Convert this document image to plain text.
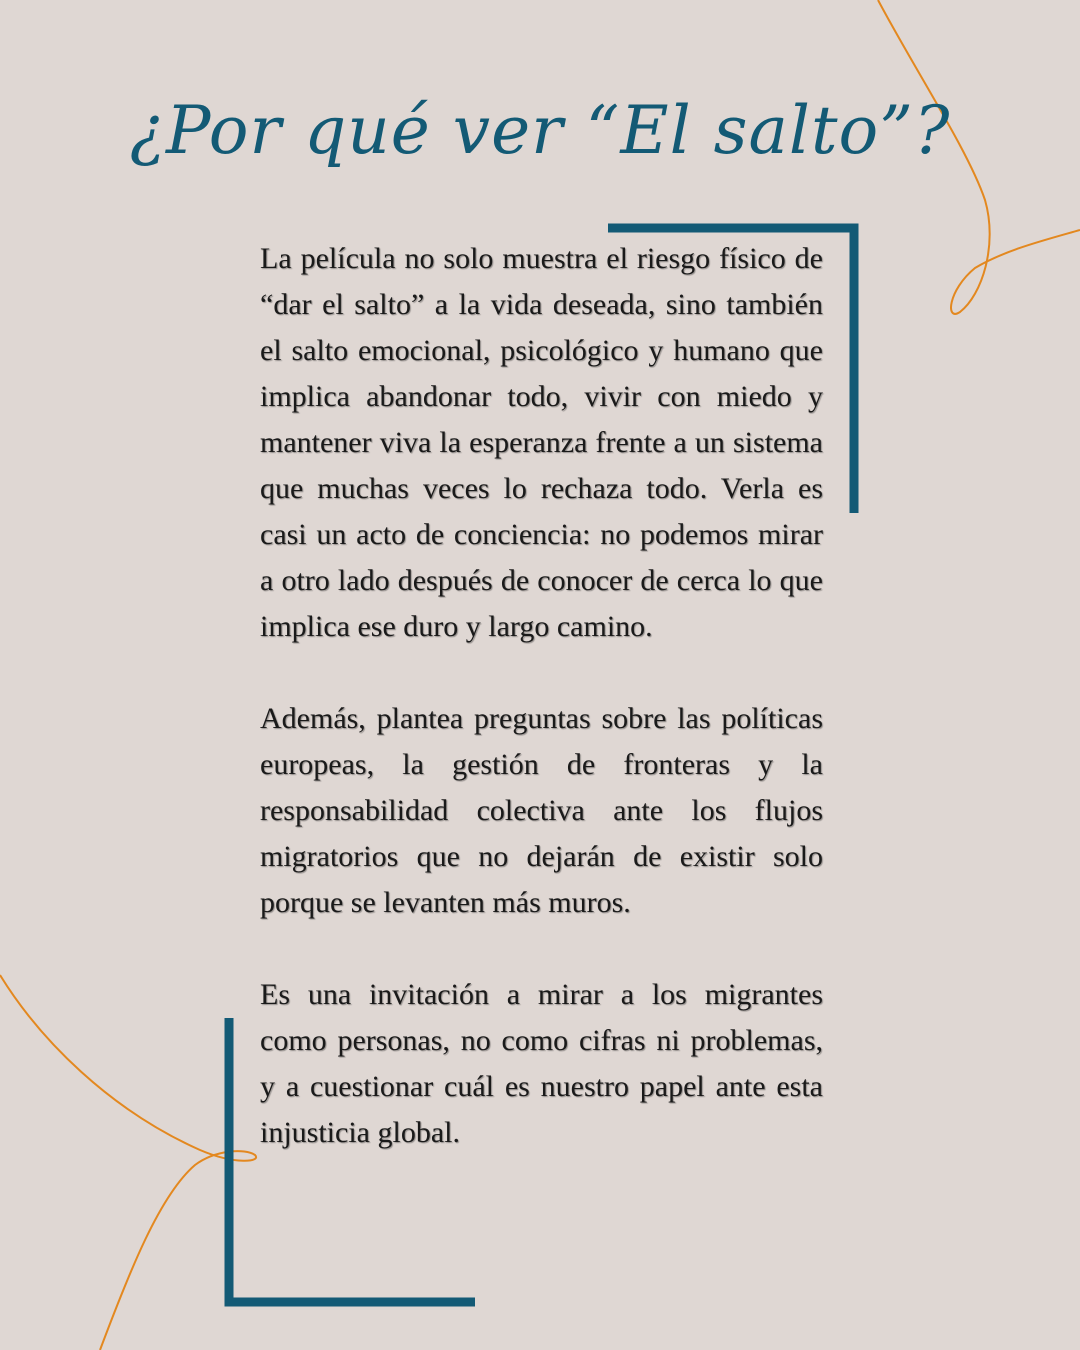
¿Por qué ver “El salto”?

La película no solo muestra el riesgo físico de “dar el salto” a la vida deseada, sino también el salto emocional, psicológico y humano que implica abandonar todo, vivir con miedo y mantener viva la esperanza frente a un sistema que muchas veces lo rechaza todo. Verla es casi un acto de conciencia: no podemos mirar a otro lado después de conocer de cerca lo que implica ese duro y largo camino.

Además, plantea preguntas sobre las políticas europeas, la gestión de fronteras y la responsabilidad colectiva ante los flujos migratorios que no dejarán de existir solo porque se levanten más muros.

Es una invitación a mirar a los migrantes como personas, no como cifras ni problemas, y a cuestionar cuál es nuestro papel ante esta injusticia global.
